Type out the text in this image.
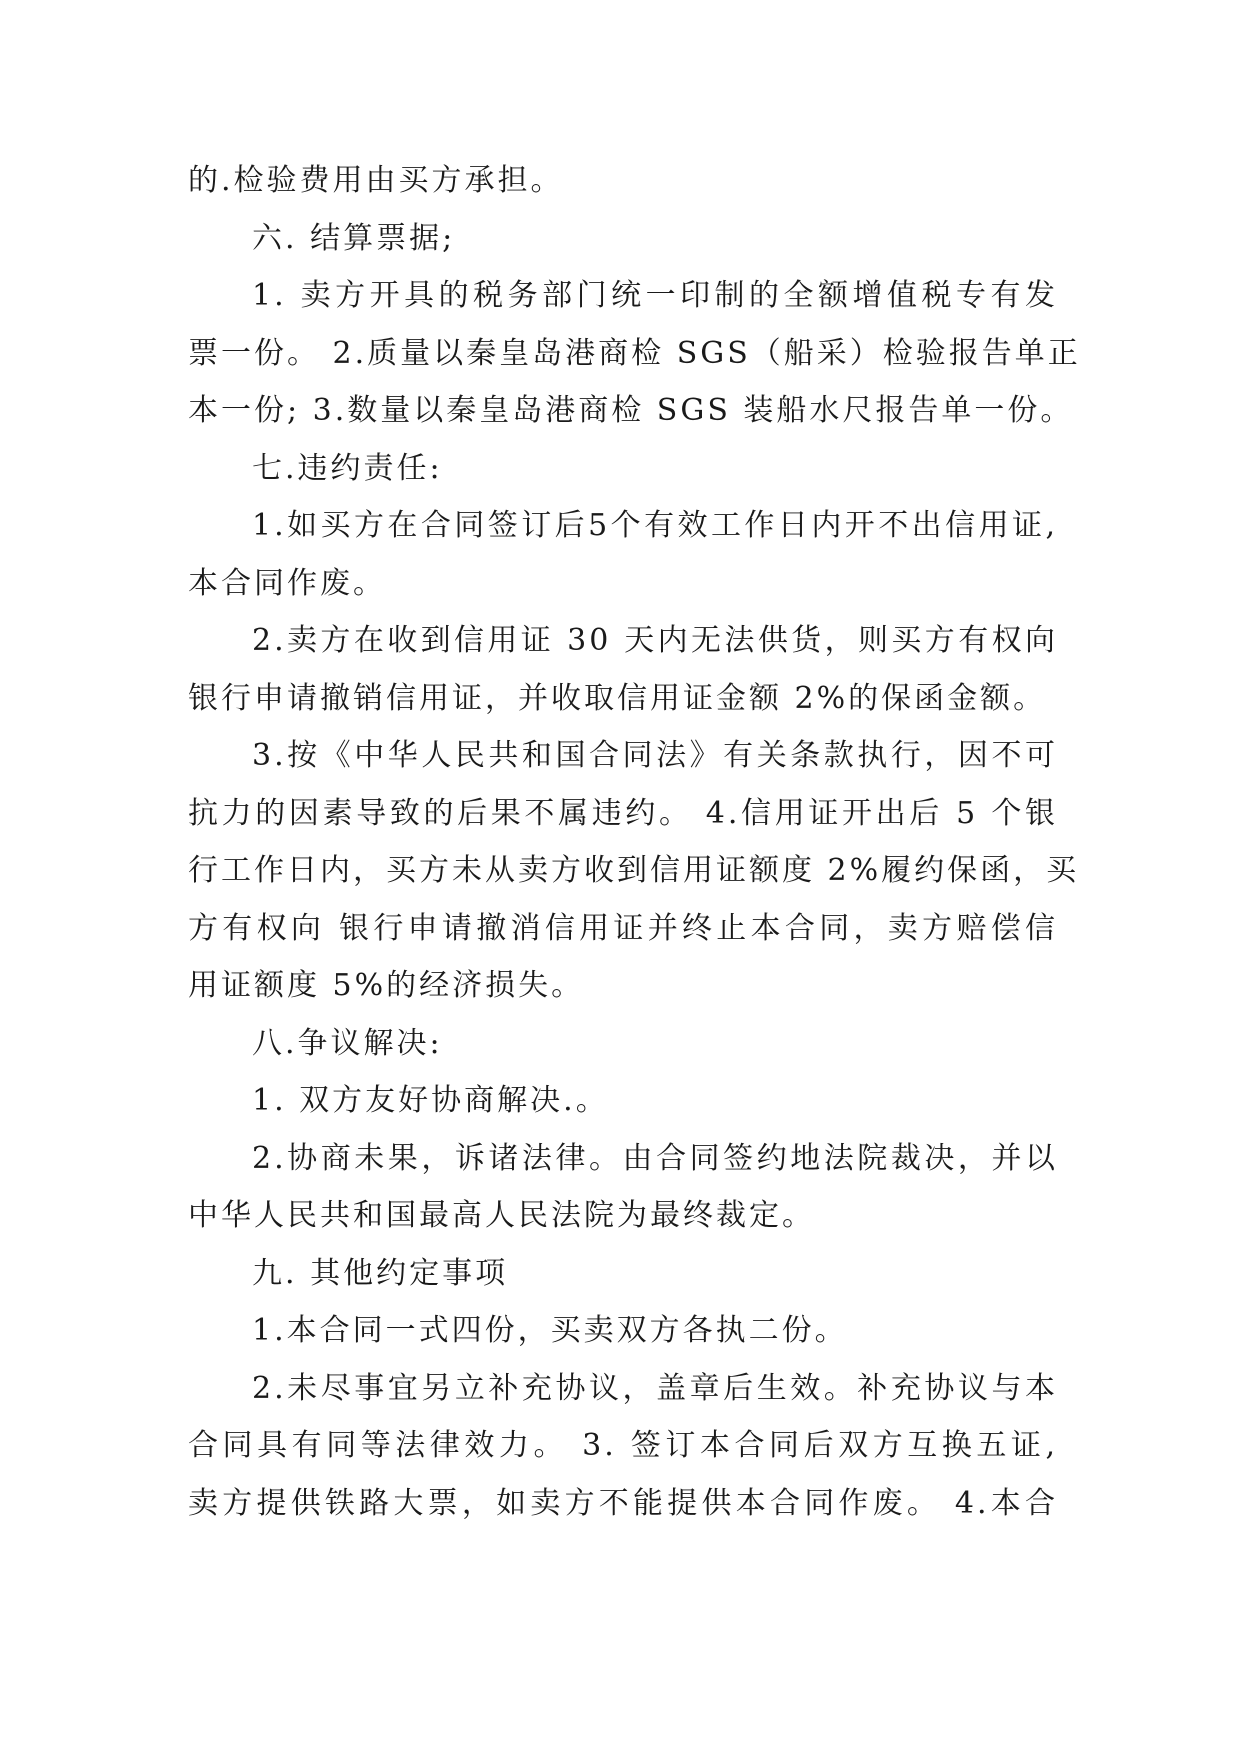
的.检验费用由买方承担。
六. 结算票据;
1. 卖方开具的税务部门统一印制的全额增值税专有发
票一份。 2.质量以秦皇岛港商检 SGS（船采）检验报告单正
本一份; 3.数量以秦皇岛港商检 SGS 装船水尺报告单一份。
七.违约责任:
1.如买方在合同签订后5个有效工作日内开不出信用证,
本合同作废。
2.卖方在收到信用证 30 天内无法供货，则买方有权向
银行申请撤销信用证，并收取信用证金额 2%的保函金额。
3.按《中华人民共和国合同法》有关条款执行，因不可
抗力的因素导致的后果不属违约。 4.信用证开出后 5 个银
行工作日内，买方未从卖方收到信用证额度 2%履约保函，买
方有权向 银行申请撤消信用证并终止本合同，卖方赔偿信
用证额度 5%的经济损失。
八.争议解决:
1. 双方友好协商解决.。
2.协商未果，诉诸法律。由合同签约地法院裁决，并以
中华人民共和国最高人民法院为最终裁定。
九. 其他约定事项
1.本合同一式四份，买卖双方各执二份。
2.未尽事宜另立补充协议，盖章后生效。补充协议与本
合同具有同等法律效力。 3. 签订本合同后双方互换五证,
卖方提供铁路大票，如卖方不能提供本合同作废。 4.本合
